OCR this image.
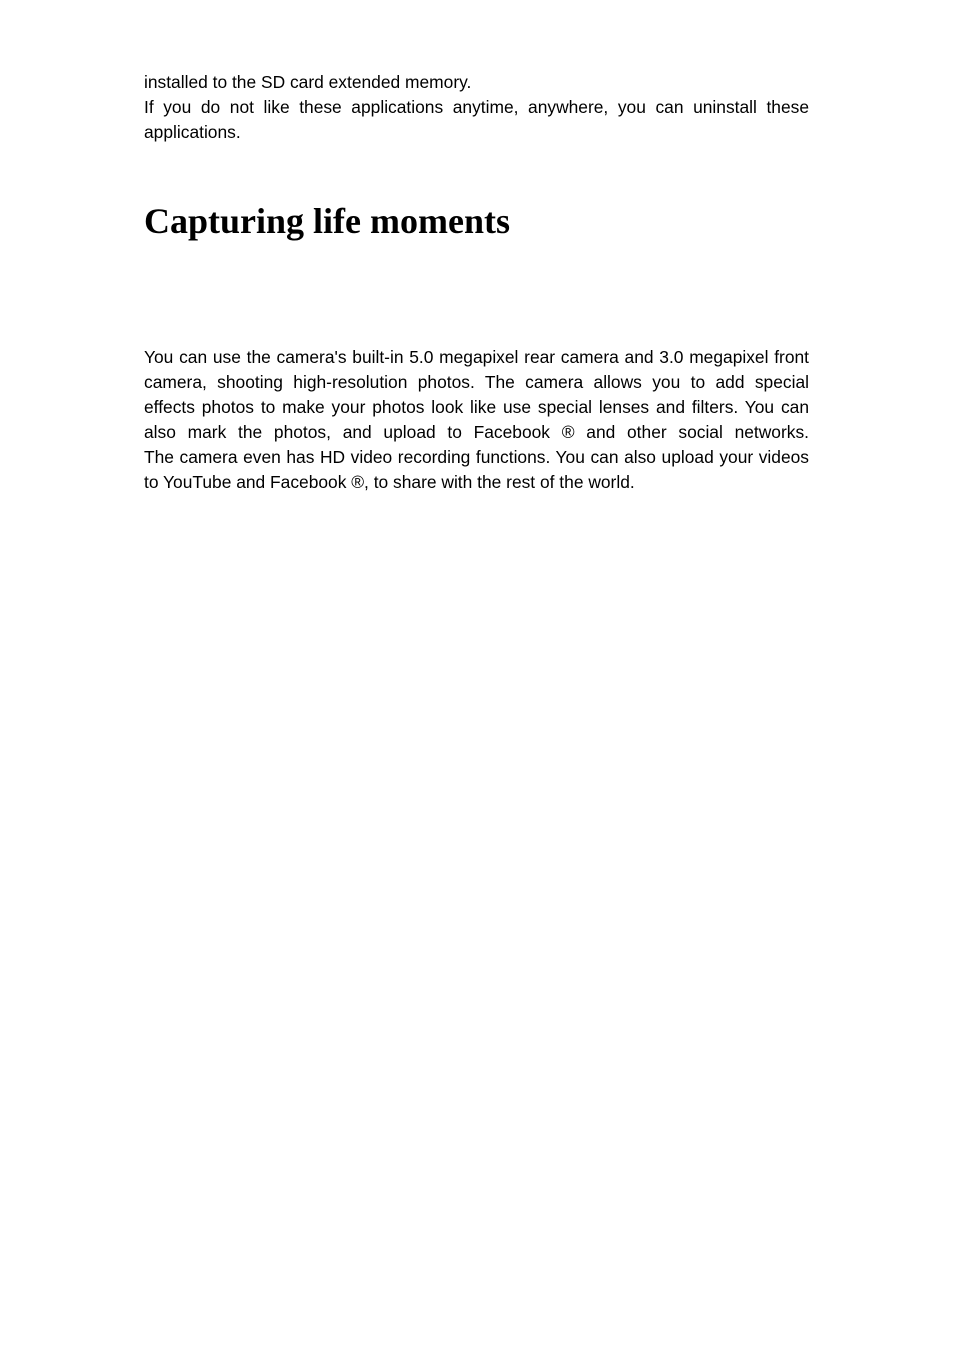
installed to the SD card extended memory.

If you do not like these applications anytime, anywhere, you can uninstall these applications.

Capturing life moments

You can use the camera's built-in 5.0 megapixel rear camera and 3.0 megapixel front camera, shooting high-resolution photos. The camera allows you to add special effects photos to make your photos look like use special lenses and filters. You can also mark the photos, and upload to Facebook ® and other social networks.

The camera even has HD video recording functions. You can also upload your videos to YouTube and Facebook ®, to share with the rest of the world.
